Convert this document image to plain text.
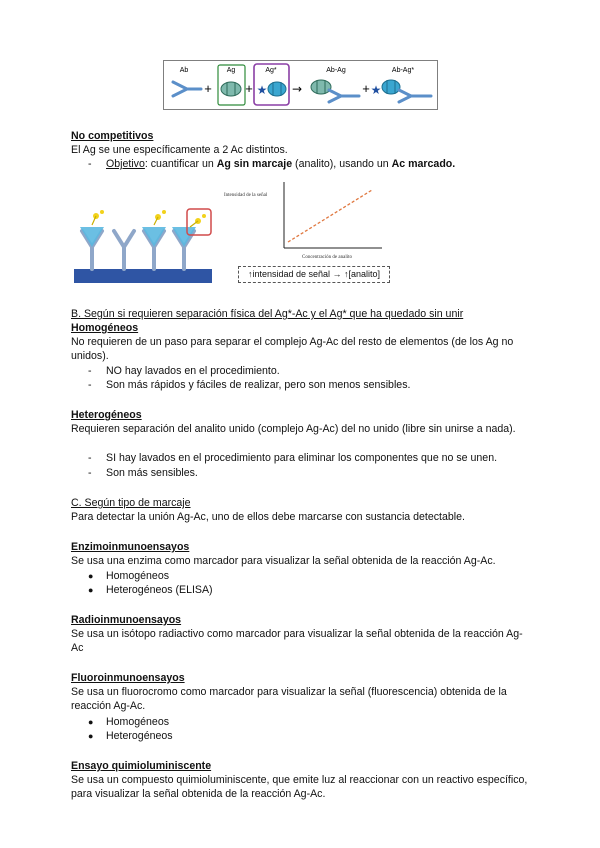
Ab	Ag	Ag*	Ab-Ag	Ab-Ag*
+	+ ★ →	+ ★

No competitivos

El Ag se une específicamente a 2 Ac distintos.

- Objetivo: cuantificar un Ag sin marcaje (analito), usando un Ac marcado.
Intensidad de la señal
Concentración de analito
↑intensidad de señal → ↑[analito]

B. Según si requieren separación física del Ag*-Ac y el Ag* que ha quedado sin unir

Homogéneos

No requieren de un paso para separar el complejo Ag-Ac del resto de elementos (de los Ag no unidos).

- NO hay lavados en el procedimiento.
- Son más rápidos y fáciles de realizar, pero son menos sensibles.

Heterogéneos

Requieren separación del analito unido (complejo Ag-Ac) del no unido (libre sin unirse a nada).

- SI hay lavados en el procedimiento para eliminar los componentes que no se unen.
- Son más sensibles.

C. Según tipo de marcaje

Para detectar la unión Ag-Ac, uno de ellos debe marcarse con sustancia detectable.

Enzimoinmunoensayos

Se usa una enzima como marcador para visualizar la señal obtenida de la reacción Ag-Ac.

● Homogéneos
● Heterogéneos (ELISA)

Radioinmunoensayos

Se usa un isótopo radiactivo como marcador para visualizar la señal obtenida de la reacción Ag-Ac

Fluoroinmunoensayos

Se usa un fluorocromo como marcador para visualizar la señal (fluorescencia) obtenida de la reacción Ag-Ac.

● Homogéneos
● Heterogéneos

Ensayo quimioluminiscente

Se usa un compuesto quimioluminiscente, que emite luz al reaccionar con un reactivo específico, para visualizar la señal obtenida de la reacción Ag-Ac.
